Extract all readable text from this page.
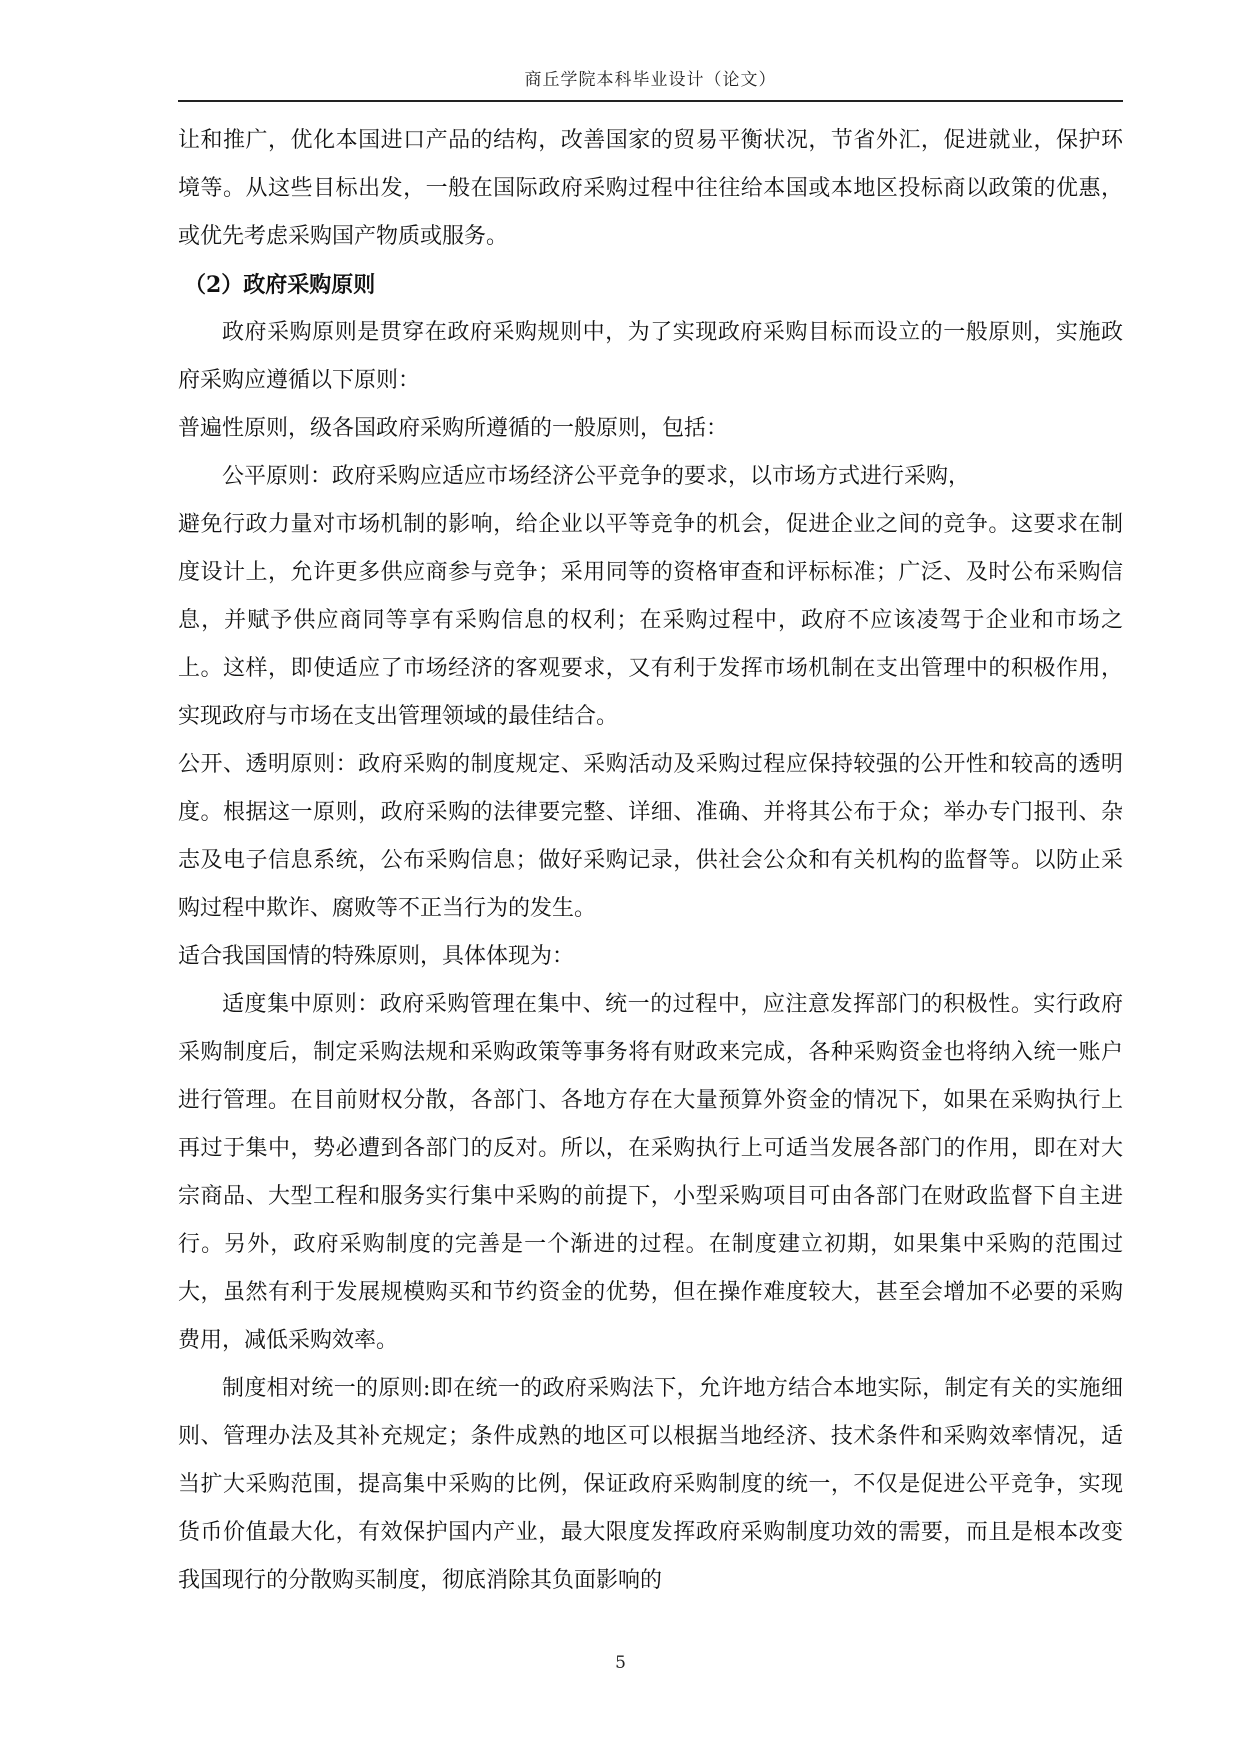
商丘学院本科毕业设计（论文）

让和推广，优化本国进口产品的结构，改善国家的贸易平衡状况，节省外汇，促进就业，保护环境等。从这些目标出发，一般在国际政府采购过程中往往给本国或本地区投标商以政策的优惠，或优先考虑采购国产物质或服务。

（2）政府采购原则

政府采购原则是贯穿在政府采购规则中，为了实现政府采购目标而设立的一般原则，实施政府采购应遵循以下原则：

普遍性原则，级各国政府采购所遵循的一般原则，包括：

公平原则：政府采购应适应市场经济公平竞争的要求，以市场方式进行采购，

避免行政力量对市场机制的影响，给企业以平等竞争的机会，促进企业之间的竞争。这要求在制度设计上，允许更多供应商参与竞争；采用同等的资格审查和评标标准；广泛、及时公布采购信息，并赋予供应商同等享有采购信息的权利；在采购过程中，政府不应该凌驾于企业和市场之上。这样，即使适应了市场经济的客观要求，又有利于发挥市场机制在支出管理中的积极作用，实现政府与市场在支出管理领域的最佳结合。

公开、透明原则：政府采购的制度规定、采购活动及采购过程应保持较强的公开性和较高的透明度。根据这一原则，政府采购的法律要完整、详细、准确、并将其公布于众；举办专门报刊、杂志及电子信息系统，公布采购信息；做好采购记录，供社会公众和有关机构的监督等。以防止采购过程中欺诈、腐败等不正当行为的发生。

适合我国国情的特殊原则，具体体现为：

适度集中原则：政府采购管理在集中、统一的过程中，应注意发挥部门的积极性。实行政府采购制度后，制定采购法规和采购政策等事务将有财政来完成，各种采购资金也将纳入统一账户进行管理。在目前财权分散，各部门、各地方存在大量预算外资金的情况下，如果在采购执行上再过于集中，势必遭到各部门的反对。所以，在采购执行上可适当发展各部门的作用，即在对大宗商品、大型工程和服务实行集中采购的前提下，小型采购项目可由各部门在财政监督下自主进行。另外，政府采购制度的完善是一个渐进的过程。在制度建立初期，如果集中采购的范围过大，虽然有利于发展规模购买和节约资金的优势，但在操作难度较大，甚至会增加不必要的采购费用，减低采购效率。

制度相对统一的原则:即在统一的政府采购法下，允许地方结合本地实际，制定有关的实施细则、管理办法及其补充规定；条件成熟的地区可以根据当地经济、技术条件和采购效率情况，适当扩大采购范围，提高集中采购的比例，保证政府采购制度的统一，不仅是促进公平竞争，实现货币价值最大化，有效保护国内产业，最大限度发挥政府采购制度功效的需要，而且是根本改变我国现行的分散购买制度，彻底消除其负面影响的

5
